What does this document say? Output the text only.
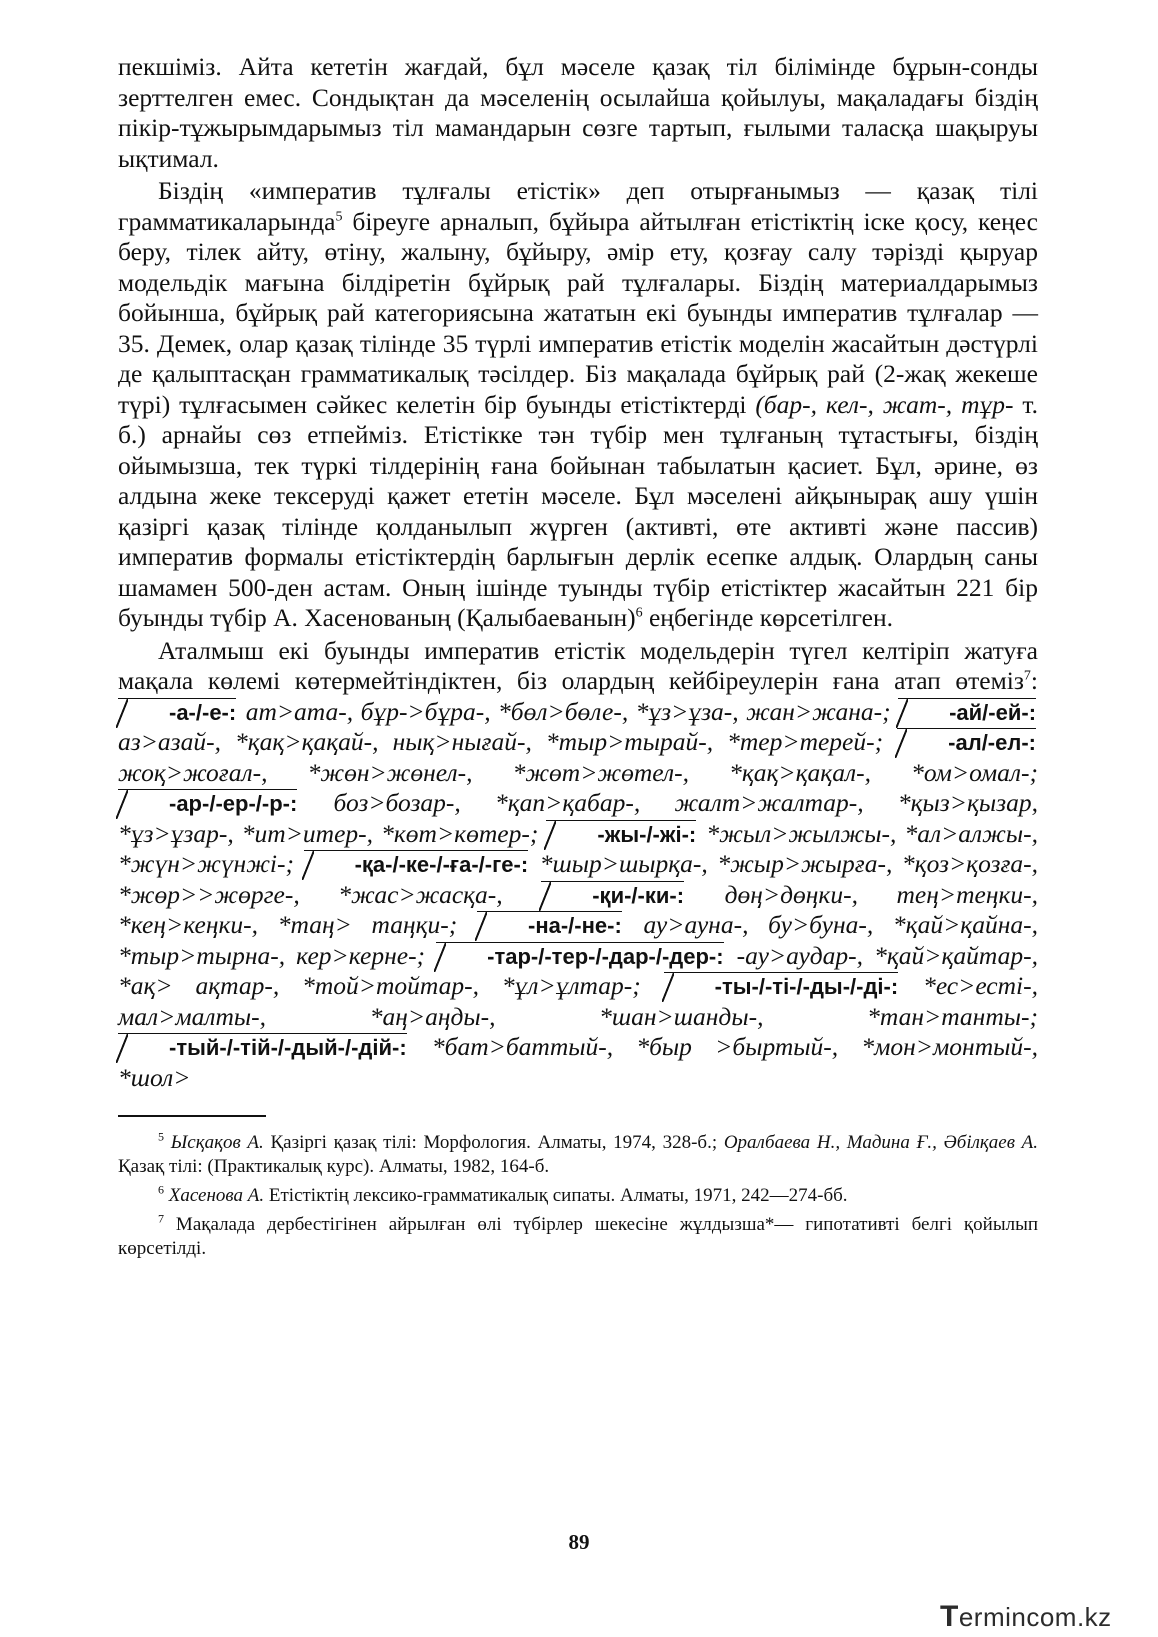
пекшіміз. Айта кететін жағдай, бұл мәселе қазақ тіл білімінде бұрын-сонды зерттелген емес. Сондықтан да мәселенің осылайша қойылуы, мақаладағы біздің пікір-тұжырымдарымыз тіл мамандарын сөзге тартып, ғылыми таласқа шақыруы ықтимал.

Біздің «императив тұлғалы етістік» деп отырғанымыз — қазақ тілі грамматикаларында$^5$ біреуге арналып, бұйыра айтылған етістіктің іске қосу, кеңес беру, тілек айту, өтіну, жалыну, бұйыру, әмір ету, қозғау салу тәрізді қыруар модельдік мағына білдіретін бұйрық рай тұлғалары. Біздің материалдарымыз бойынша, бұйрық рай категориясына жататын екі буынды императив тұлғалар — 35. Демек, олар қазақ тілінде 35 түрлі императив етістік моделін жасайтын дәстүрлі де қалыптасқан грамматикалық тәсілдер. Біз мақалада бұйрық рай (2-жақ жекеше түрі) тұлғасымен сәйкес келетін бір буынды етістіктерді (бар-, кел-, жат-, тұр- т. б.) арнайы сөз етпейміз. Етістікке тән түбір мен тұлғаның тұтастығы, біздің ойымызша, тек түркі тілдерінің ғана бойынан табылатын қасиет. Бұл, әрине, өз алдына жеке тексеруді қажет ететін мәселе. Бұл мәселені айқынырақ ашу үшін қазіргі қазақ тілінде қолданылып жүрген (активті, өте активті және пассив) императив формалы етістіктердің барлығын дерлік есепке алдық. Олардың саны шамамен 500-ден астам. Оның ішінде туынды түбір етістіктер жасайтын 221 бір буынды түбір А. Хасенованың (Қалыбаеванын)$^6$ еңбегінде көрсетілген.

Аталмыш екі буынды императив етістік модельдерін түгел келтіріп жатуға мақала көлемі көтермейтіндіктен, біз олардың кейбіреулерін ғана атап өтеміз$^7$: -а-/-е-: ат>ата-, бұр->бұра-, *бөл>бөле-, *ұз>ұза-, жан>жана-;	-ай/-ей-: аз>азай-, *қақ>қақай-, нық>нығай-, *тыр>тырай-, *тер>терей-;	-ал/-ел-: жоқ>жоғал-, *жөн>жөнел-, *жөт>жөтел-, *қақ>қақал-, *ом>омал-; -ар-/-ер-/-р-: боз>бозар-, *қап>қабар-, жалт>жалтар-, *қыз>қызар, *ұз>ұзар-, *ит>итер-, *көт>көтер-;	-жы-/-жі-: *жыл>жылжы-, *ал>алжы-, *жүн>жүнжі-;	-қа-/-ке-/-ға-/-ге-: *шыр>шырқа-, *жыр>жырға-, *қоз>қозға-, *жөр>>жөрге-, *жас>жасқа-,	-қи-/-ки-: дөң>дөңки-, тең>теңки-, *кең>кеңки-, *таң> таңқи-;	-на-/-не-: ау>ауна-, бу>буна-, *қай>қайна-, *тыр>тырна-, кер>керне-;	-тар-/-тер-/-дар-/-дер-: -ау>аудар-, *қай>қайтар-, *ақ> ақтар-, *той>тойтар-, *ұл>ұлтар-;	-ты-/-ті-/-ды-/-ді-: *ес>есті-, мал>малты-, *аң>аңды-, *шан>шанды-, *тан>танты-; -тый-/-тій-/-дый-/-дій-: *бат>баттый-, *быр >быртый-, *мон>монтый-, *шол>

$^5$ Ысқақов А. Қазіргі қазақ тілі: Морфология. Алматы, 1974, 328-б.; Оралбаева Н., Мадина Ғ., Әбілқаев А. Қазақ тілі: (Практикалық курс). Алматы, 1982, 164-б.

$^6$ Хасенова А. Етістіктің лексико-грамматикалық сипаты. Алматы, 1971, 242—274-бб.

$^7$ Мақалада дербестігінен айрылған өлі түбірлер шекесіне жұлдызша*— гипотативті белгі қойылып көрсетілді.

89
Termincom.kz
